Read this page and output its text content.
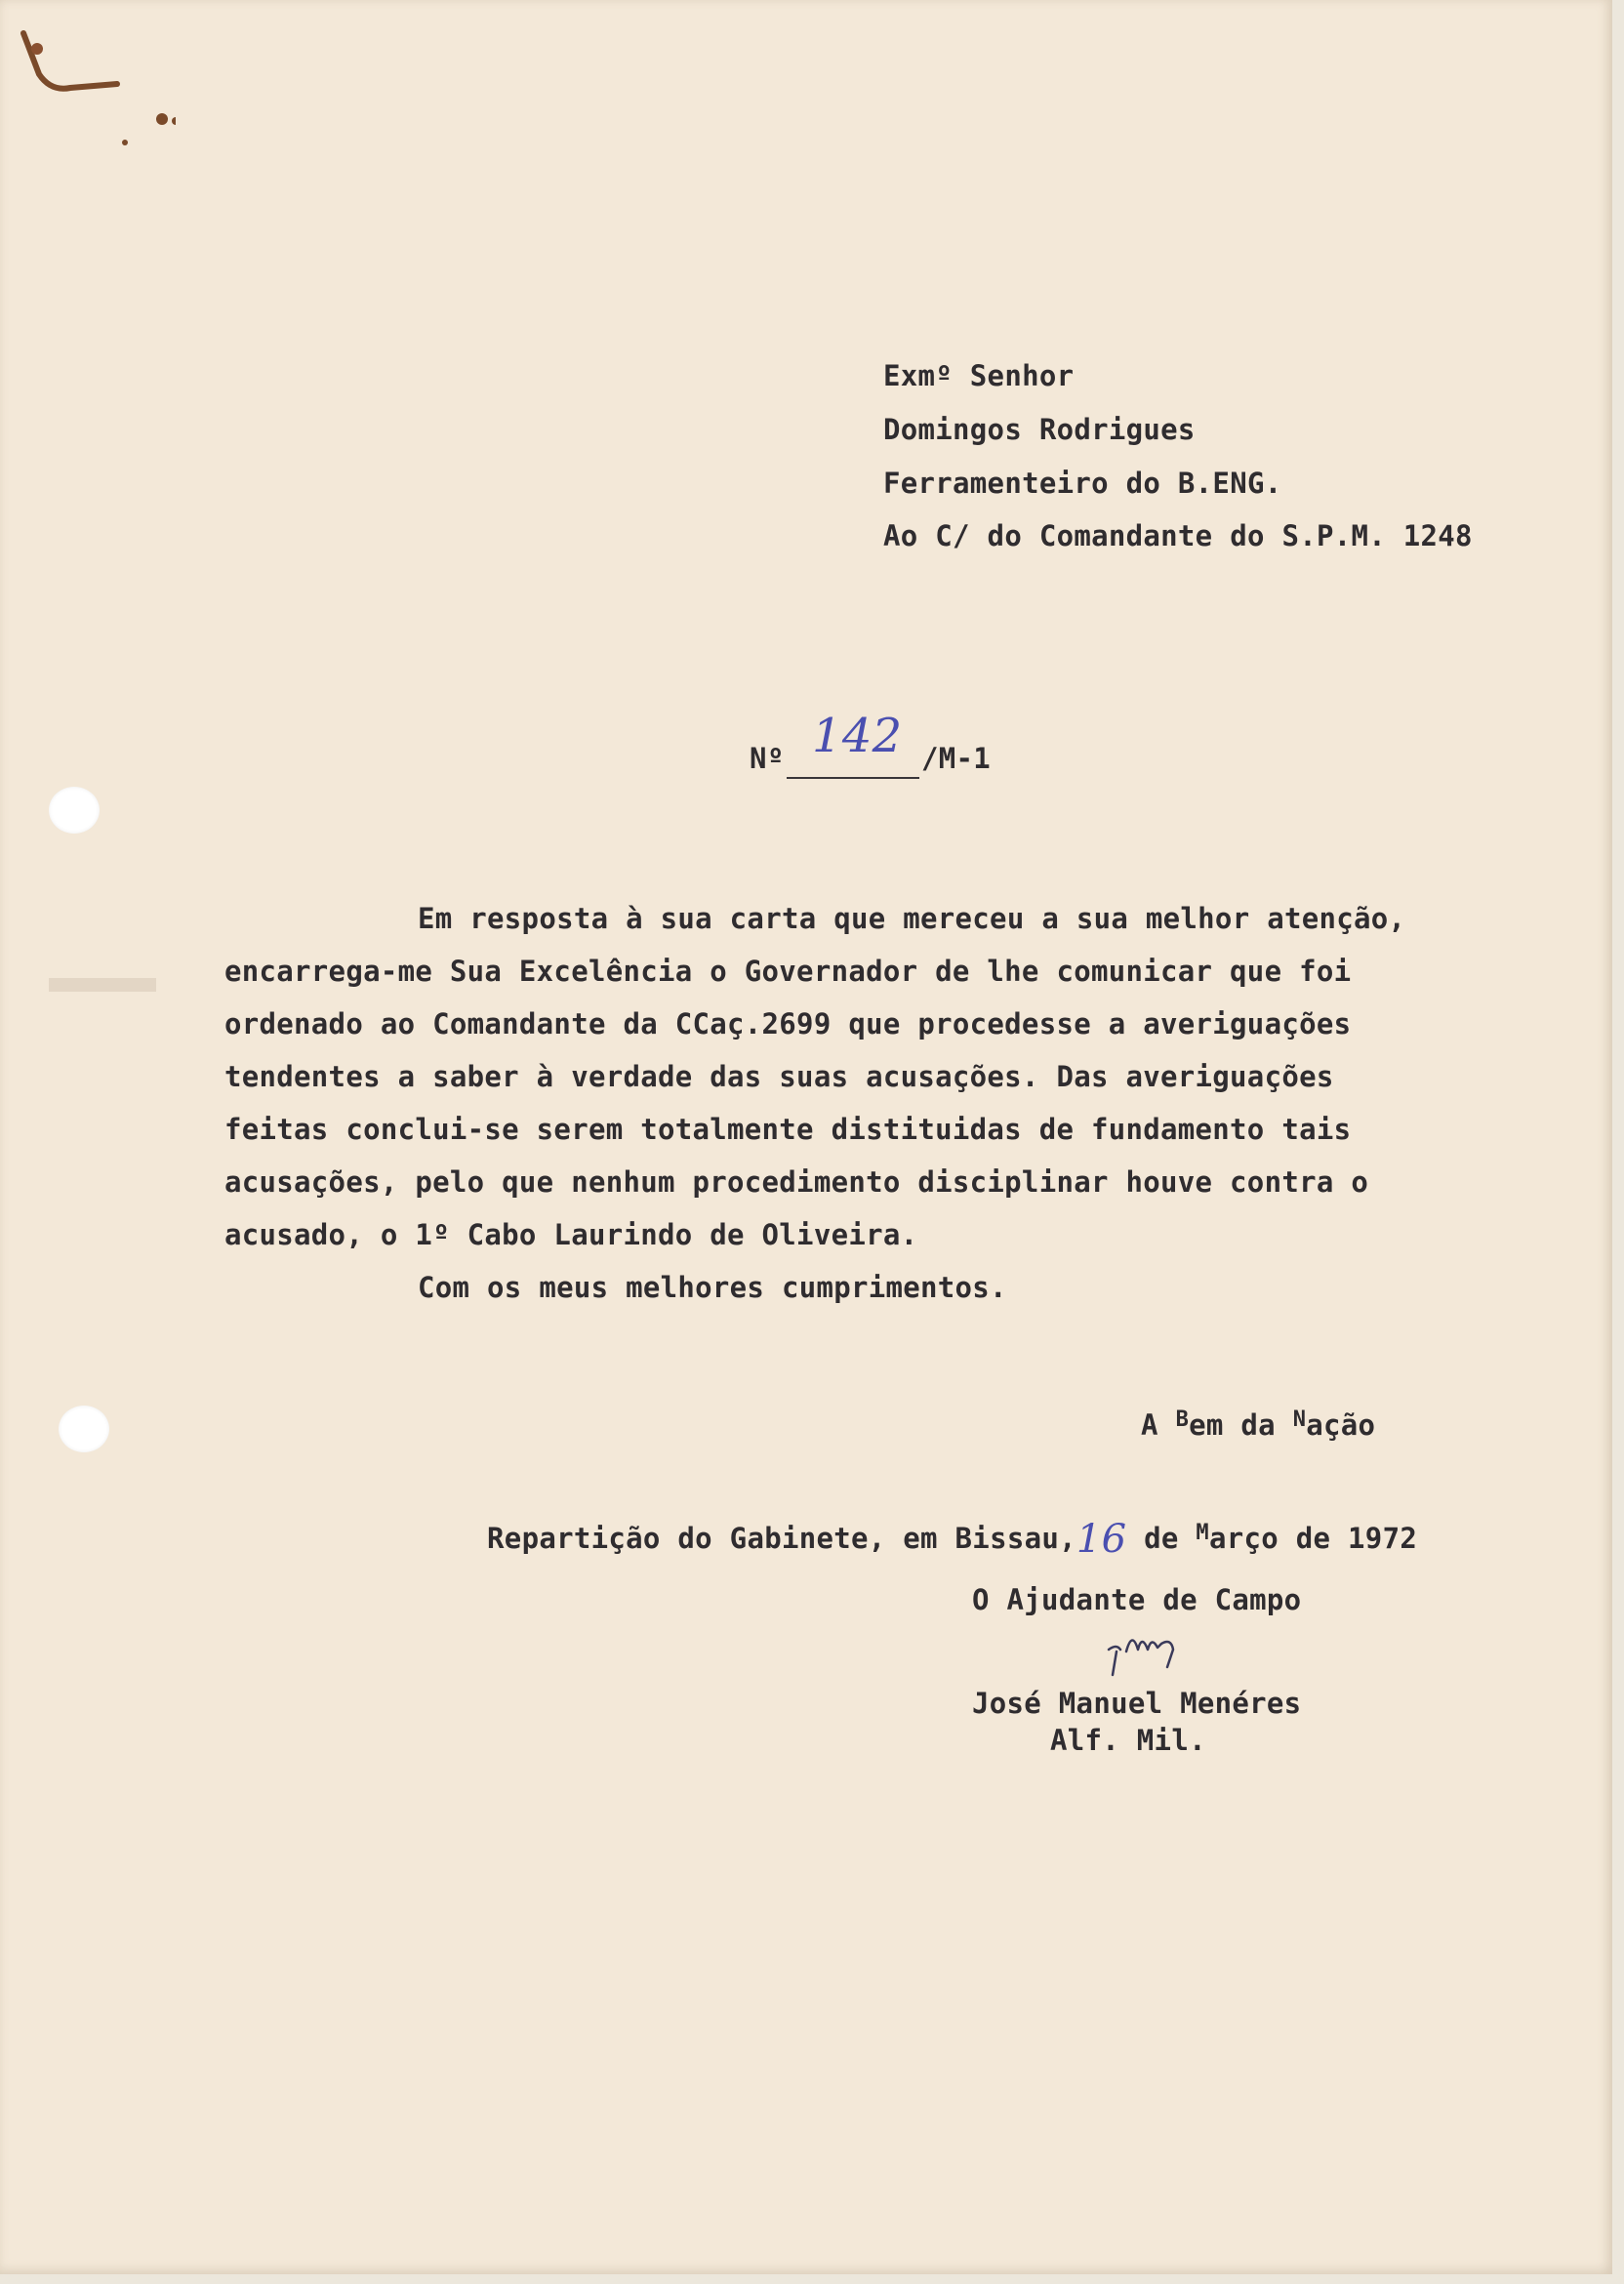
Exmº Senhor
Domingos Rodrigues
Ferramenteiro do B.ENG.
Ao C/ do Comandante do S.P.M. 1248
Nº 142 /M-1
Em resposta à sua carta que mereceu a sua melhor atenção,
encarrega-me Sua Excelência o Governador de lhe comunicar que foi
ordenado ao Comandante da CCaç.2699 que procedesse a averiguações
tendentes a saber à verdade das suas acusações. Das averiguações
feitas conclui-se serem totalmente distituidas de fundamento tais
acusações, pelo que nenhum procedimento disciplinar houve contra o
acusado, o 1º Cabo Laurindo de Oliveira.
Com os meus melhores cumprimentos.

A $^B$em da $^N$ação

Repartição do Gabinete, em Bissau,16 de $^M$arço de 1972

O Ajudante de Campo
José Manuel Menéres
Alf. Mil.
